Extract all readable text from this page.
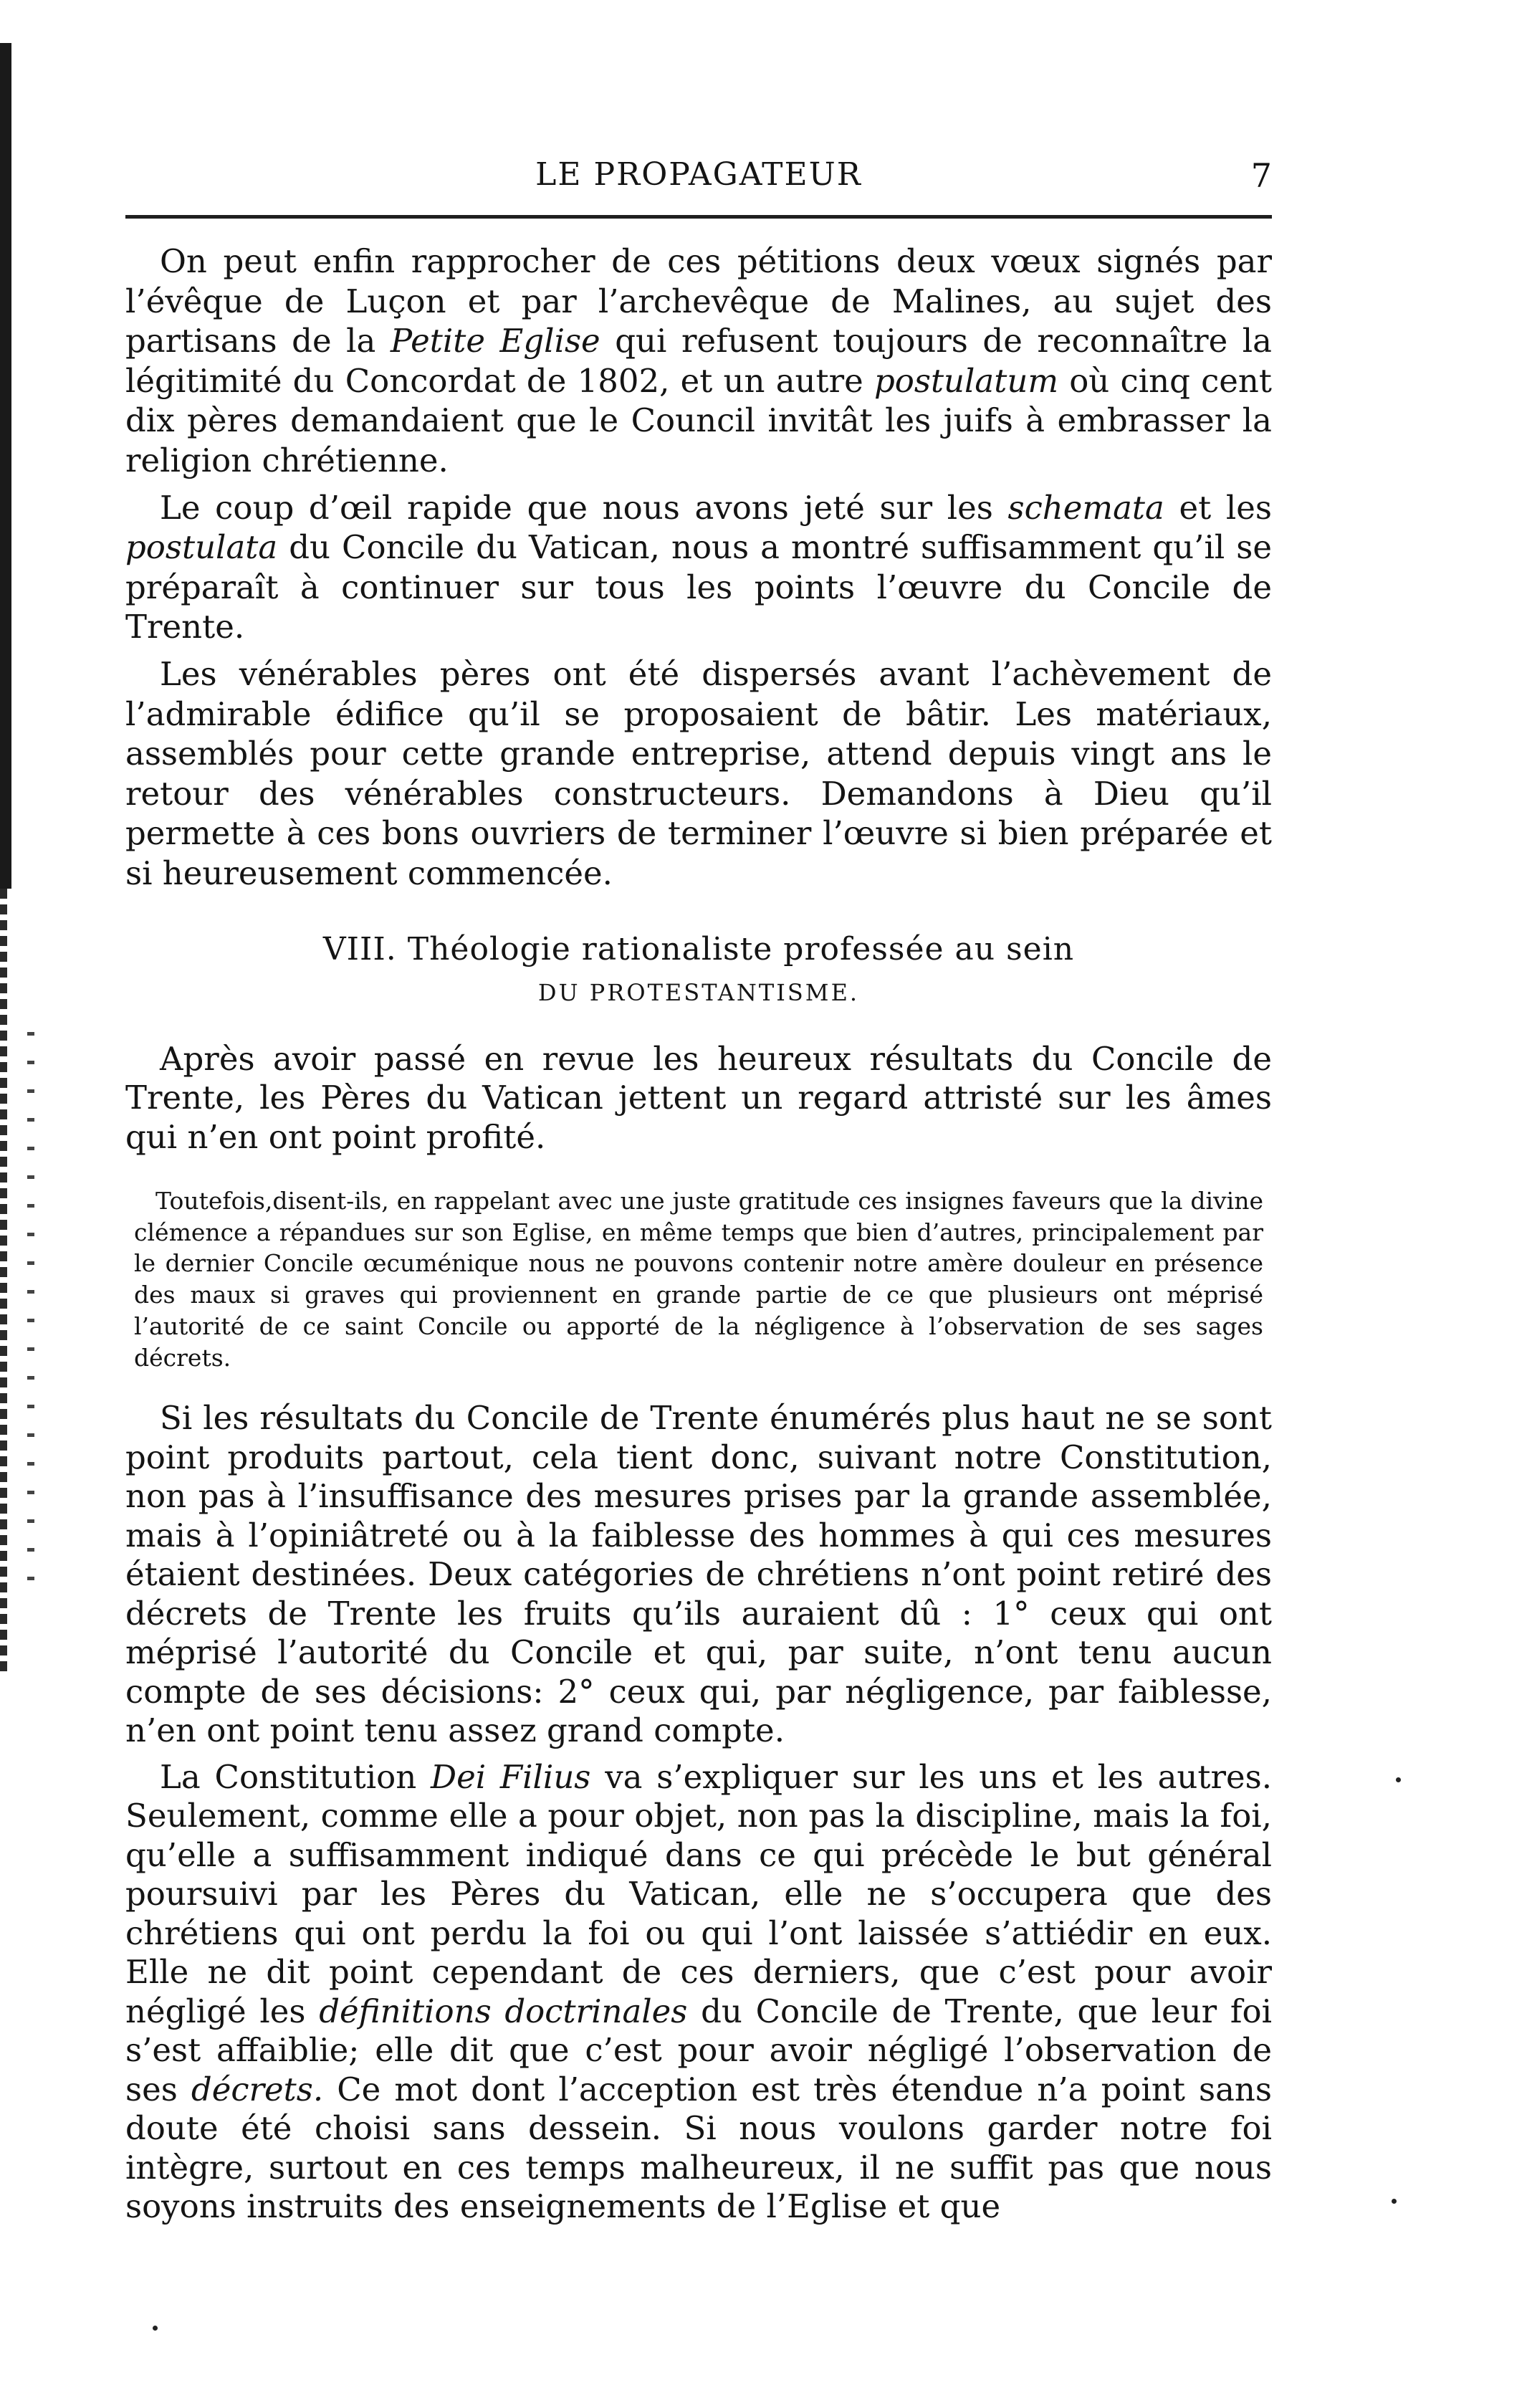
LE PROPAGATEUR	7

On peut enfin rapprocher de ces pétitions deux vœux signés par l’évêque de Luçon et par l’archevêque de Malines, au sujet des partisans de la Petite Eglise qui refusent toujours de reconnaître la légitimité du Concordat de 1802, et un autre postulatum où cinq cent dix pères demandaient que le Council invitât les juifs à embrasser la religion chrétienne.

Le coup d’œil rapide que nous avons jeté sur les schemata et les postulata du Concile du Vatican, nous a montré suffisamment qu’il se préparaît à continuer sur tous les points l’œuvre du Concile de Trente.

Les vénérables pères ont été dispersés avant l’achèvement de l’admirable édifice qu’il se proposaient de bâtir. Les matériaux, assemblés pour cette grande entreprise, attend depuis vingt ans le retour des vénérables constructeurs. Demandons à Dieu qu’il permette à ces bons ouvriers de terminer l’œuvre si bien préparée et si heureusement commencée.

VIII. Théologie rationaliste professée au sein
DU PROTESTANTISME.

Après avoir passé en revue les heureux résultats du Concile de Trente, les Pères du Vatican jettent un regard attristé sur les âmes qui n’en ont point profité.

Toutefois,disent-ils, en rappelant avec une juste gratitude ces insignes faveurs que la divine clémence a répandues sur son Eglise, en même temps que bien d’autres, principalement par le dernier Concile œcuménique nous ne pouvons contenir notre amère douleur en présence des maux si graves qui proviennent en grande partie de ce que plusieurs ont méprisé l’autorité de ce saint Concile ou apporté de la négligence à l’observation de ses sages décrets.

Si les résultats du Concile de Trente énumérés plus haut ne se sont point produits partout, cela tient donc, suivant notre Constitution, non pas à l’insuffisance des mesures prises par la grande assemblée, mais à l’opiniâtreté ou à la faiblesse des hommes à qui ces mesures étaient destinées. Deux catégories de chrétiens n’ont point retiré des décrets de Trente les fruits qu’ils auraient dû : 1° ceux qui ont méprisé l’autorité du Concile et qui, par suite, n’ont tenu aucun compte de ses décisions: 2° ceux qui, par négligence, par faiblesse, n’en ont point tenu assez grand compte.

La Constitution Dei Filius va s’expliquer sur les uns et les autres. Seulement, comme elle a pour objet, non pas la discipline, mais la foi, qu’elle a suffisamment indiqué dans ce qui précède le but général poursuivi par les Pères du Vatican, elle ne s’occupera que des chrétiens qui ont perdu la foi ou qui l’ont laissée s’attiédir en eux. Elle ne dit point cependant de ces derniers, que c’est pour avoir négligé les définitions doctrinales du Concile de Trente, que leur foi s’est affaiblie; elle dit que c’est pour avoir négligé l’observation de ses décrets. Ce mot dont l’acception est très étendue n’a point sans doute été choisi sans dessein. Si nous voulons garder notre foi intègre, surtout en ces temps malheureux, il ne suffit pas que nous soyons instruits des enseignements de l’Eglise et que
